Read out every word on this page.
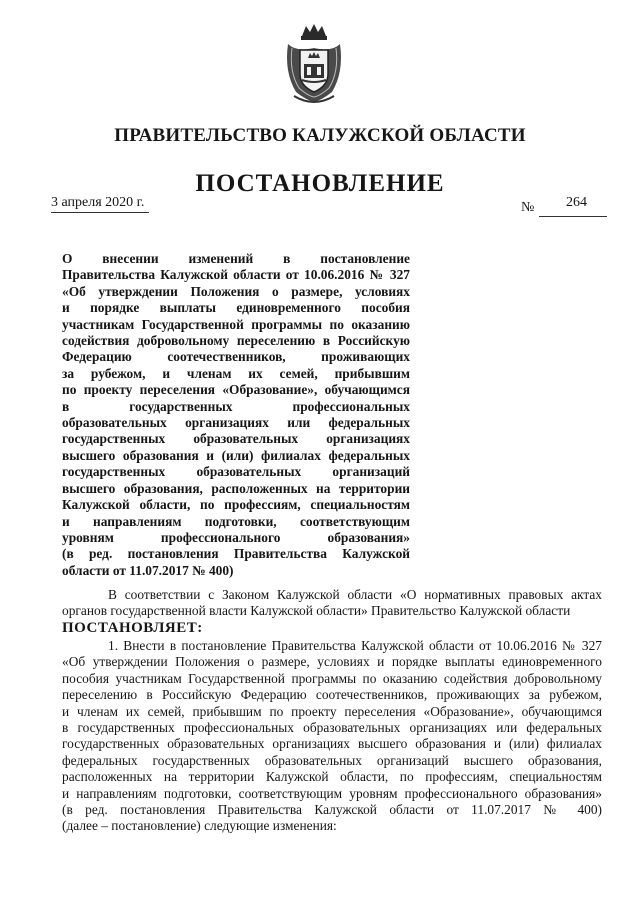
ПРАВИТЕЛЬСТВО КАЛУЖСКОЙ ОБЛАСТИ
ПОСТАНОВЛЕНИЕ
3 апреля 2020 г.	№ 264
О внесении изменений в постановление
Правительства Калужской области от 10.06.2016 № 327
«Об утверждении Положения о размере, условиях
и порядке выплаты единовременного пособия
участникам Государственной программы по оказанию
содействия добровольному переселению в Российскую
Федерацию соотечественников, проживающих
за рубежом, и членам их семей, прибывшим
по проекту переселения «Образование», обучающимся
в государственных профессиональных
образовательных организациях или федеральных
государственных образовательных организациях
высшего образования и (или) филиалах федеральных
государственных образовательных организаций
высшего образования, расположенных на территории
Калужской области, по профессиям, специальностям
и направлениям подготовки, соответствующим
уровням профессионального образования»
(в ред. постановления Правительства Калужской
области от 11.07.2017 № 400)
В соответствии с Законом Калужской области «О нормативных правовых актах
органов государственной власти Калужской области» Правительство Калужской области
ПОСТАНОВЛЯЕТ:
1. Внести в постановление Правительства Калужской области от 10.06.2016 № 327
«Об утверждении Положения о размере, условиях и порядке выплаты единовременного
пособия участникам Государственной программы по оказанию содействия добровольному
переселению в Российскую Федерацию соотечественников, проживающих за рубежом,
и членам их семей, прибывшим по проекту переселения «Образование», обучающимся
в государственных профессиональных образовательных организациях или федеральных
государственных образовательных организациях высшего образования и (или) филиалах
федеральных государственных образовательных организаций высшего образования,
расположенных на территории Калужской области, по профессиям, специальностям
и направлениям подготовки, соответствующим уровням профессионального образования»
(в ред. постановления Правительства Калужской области от 11.07.2017 № 400)
(далее – постановление) следующие изменения:
